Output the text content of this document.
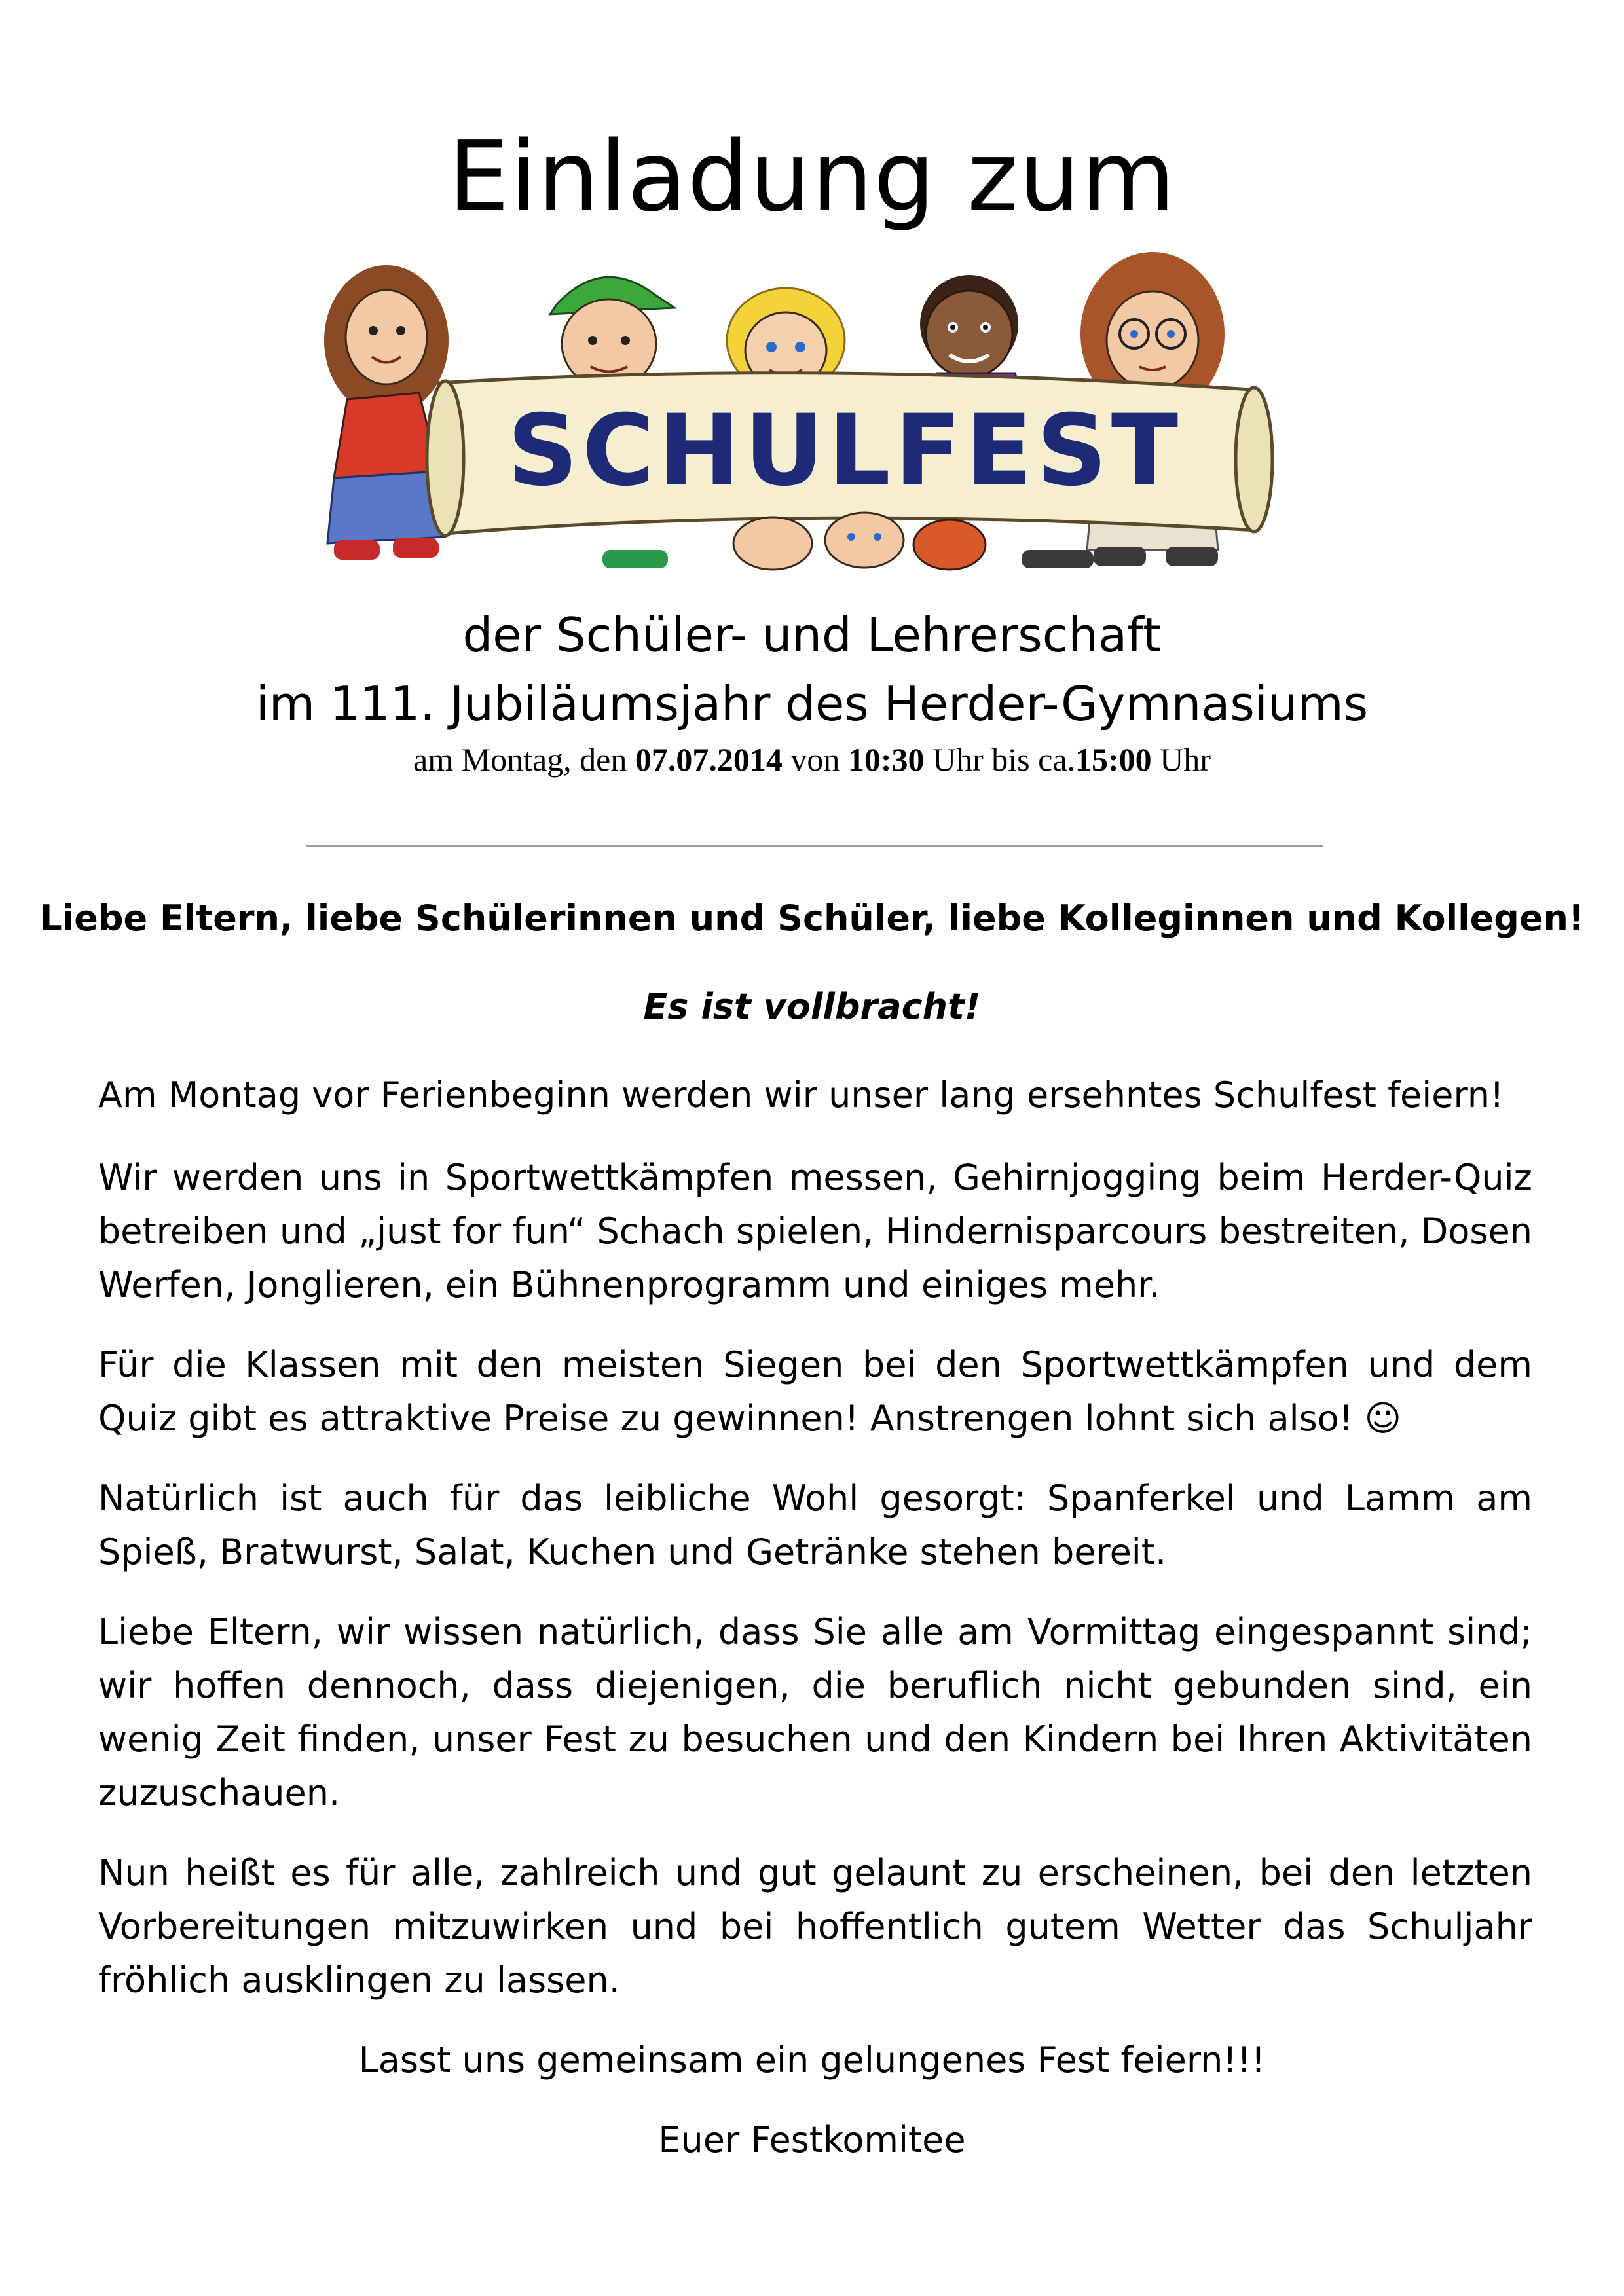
Einladung zum
SCHULFEST
der Schüler- und Lehrerschaft
im 111. Jubiläumsjahr des Herder-Gymnasiums
am Montag, den 07.07.2014 von 10:30 Uhr bis ca.15:00 Uhr
Liebe Eltern, liebe Schülerinnen und Schüler, liebe Kolleginnen und Kollegen!
Es ist vollbracht!
Am Montag vor Ferienbeginn werden wir unser lang ersehntes Schulfest feiern!
Wir werden uns in Sportwettkämpfen messen, Gehirnjogging beim Herder-Quiz betreiben und „just for fun“ Schach spielen, Hindernisparcours bestreiten, Dosen Werfen, Jonglieren, ein Bühnenprogramm und einiges mehr.
Für die Klassen mit den meisten Siegen bei den Sportwettkämpfen und dem Quiz gibt es attraktive Preise zu gewinnen! Anstrengen lohnt sich also! ☺
Natürlich ist auch für das leibliche Wohl gesorgt: Spanferkel und Lamm am Spieß, Bratwurst, Salat, Kuchen und Getränke stehen bereit.
Liebe Eltern, wir wissen natürlich, dass Sie alle am Vormittag eingespannt sind; wir hoffen dennoch, dass diejenigen, die beruflich nicht gebunden sind, ein wenig Zeit finden, unser Fest zu besuchen und den Kindern bei Ihren Aktivitäten zuzuschauen.
Nun heißt es für alle, zahlreich und gut gelaunt zu erscheinen, bei den letzten Vorbereitungen mitzuwirken und bei hoffentlich gutem Wetter das Schuljahr fröhlich ausklingen zu lassen.
Lasst uns gemeinsam ein gelungenes Fest feiern!!!
Euer Festkomitee
